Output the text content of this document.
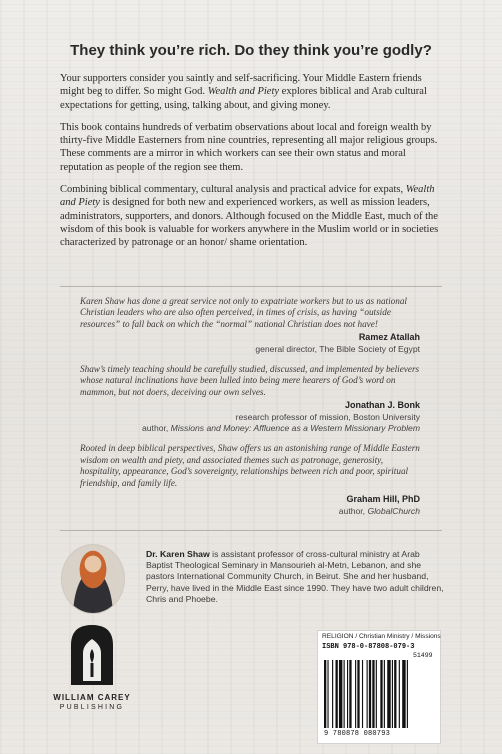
They think you’re rich. Do they think you’re godly?

Your supporters consider you saintly and self-sacrificing. Your Middle Eastern friends might beg to differ. So might God. Wealth and Piety explores biblical and Arab cultural expectations for getting, using, talking about, and giving money.

This book contains hundreds of verbatim observations about local and foreign wealth by thirty-five Middle Easterners from nine countries, representing all major religious groups. These comments are a mirror in which workers can see their own status and moral reputation as people of the region see them.

Combining biblical commentary, cultural analysis and practical advice for expats, Wealth and Piety is designed for both new and experienced workers, as well as mission leaders, administrators, supporters, and donors. Although focused on the Middle East, much of the wisdom of this book is valuable for workers anywhere in the Muslim world or in societies characterized by patronage or an honor/ shame orientation.

Karen Shaw has done a great service not only to expatriate workers but to us as national Christian leaders who are also often perceived, in times of crisis, as having “outside resources” to fall back on which the “normal” national Christian does not have!

Ramez Atallah
general director, The Bible Society of Egypt

Shaw’s timely teaching should be carefully studied, discussed, and implemented by believers whose natural inclinations have been lulled into being mere hearers of God’s word on mammon, but not doers, deceiving our own selves.

Jonathan J. Bonk
research professor of mission, Boston University
author, Missions and Money: Affluence as a Western Missionary Problem

Rooted in deep biblical perspectives, Shaw offers us an astonishing range of Middle Eastern wisdom on wealth and piety, and associated themes such as patronage, generosity, hospitality, appearance, God’s sovereignty, relationships between rich and poor, spiritual friendship, and family life.

Graham Hill, PhD
author, GlobalChurch
Dr. Karen Shaw is assistant professor of cross-cultural ministry at Arab Baptist Theological Seminary in Mansourieh al-Metn, Lebanon, and she pastors International Community Church, in Beirut. She and her husband, Perry, have lived in the Middle East since 1990. They have two adult children, Chris and Phoebe.
WILLIAM CAREY
PUBLISHING
RELIGION / Christian Ministry / Missions
ISBN 978-0-87808-079-3
51499
9 780878 080793
